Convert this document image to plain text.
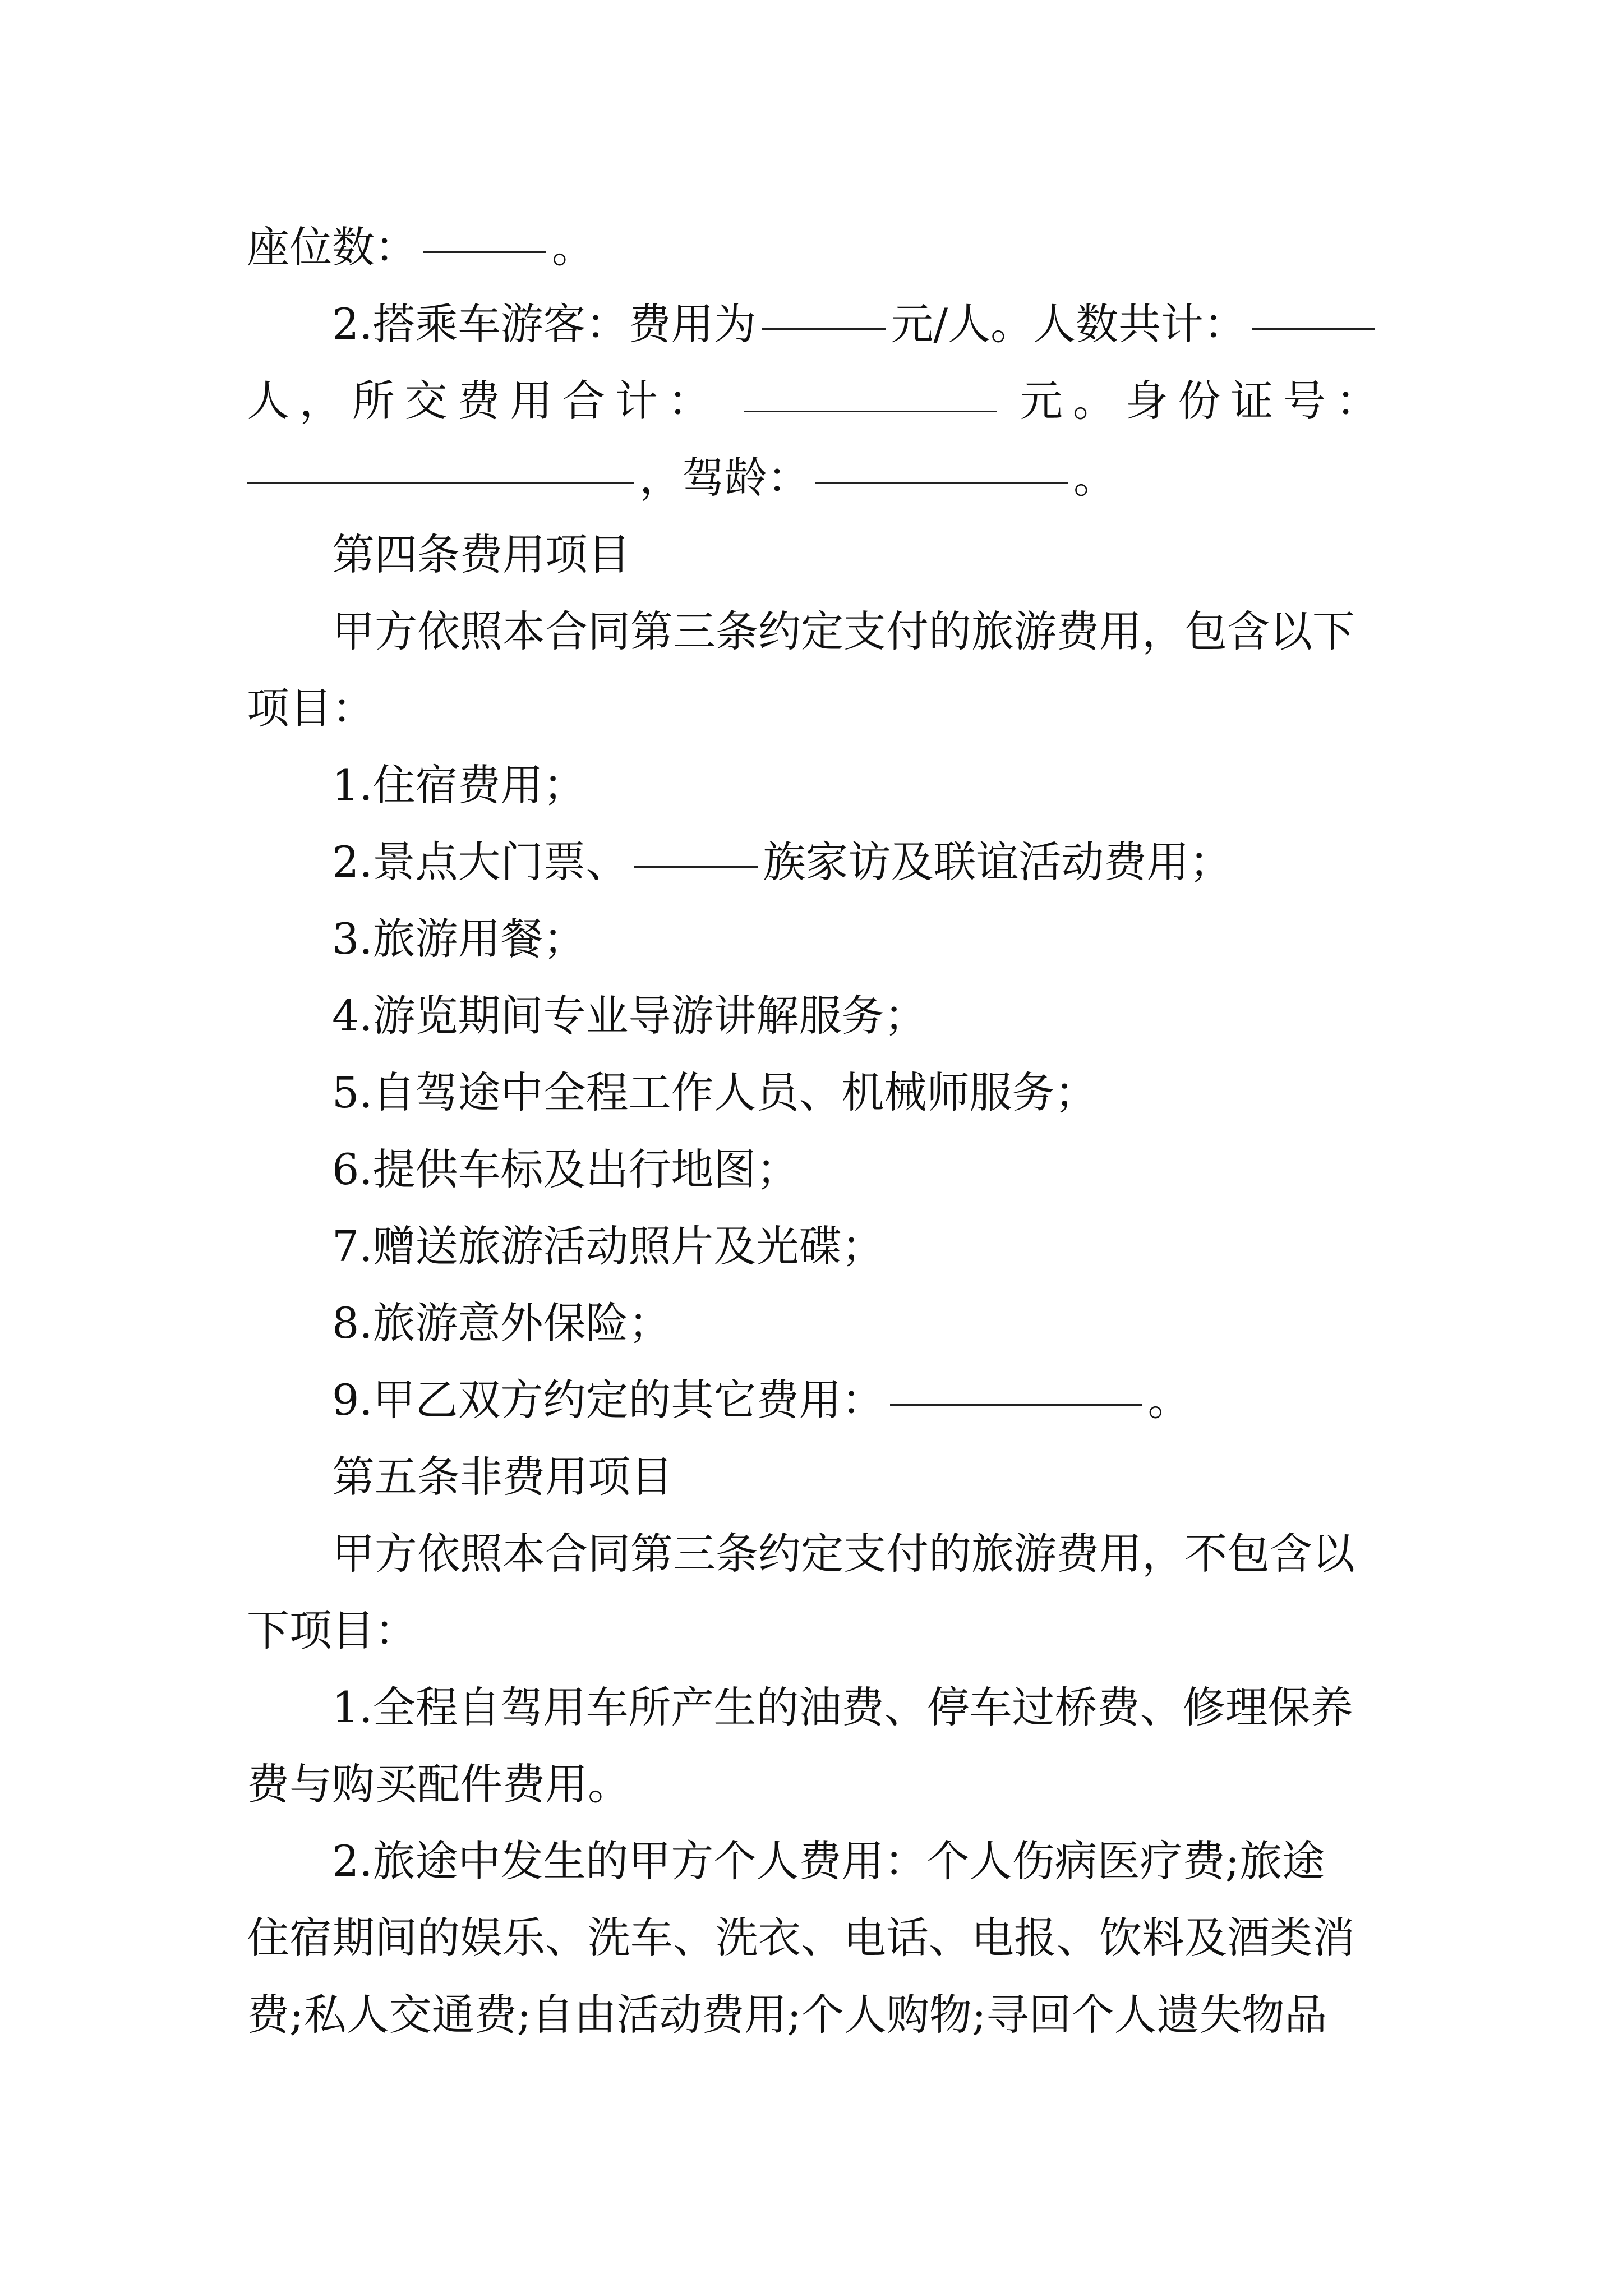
座位数：	。
2.搭乘车游客：费用为	元/人。人数共计：
人，所交费用合计：	元。身份证号：
，驾龄：	。
第四条费用项目
甲方依照本合同第三条约定支付的旅游费用，包含以下
项目：
1.住宿费用；
2.景点大门票、	族家访及联谊活动费用；
3.旅游用餐；
4.游览期间专业导游讲解服务；
5.自驾途中全程工作人员、机械师服务；
6.提供车标及出行地图；
7.赠送旅游活动照片及光碟；
8.旅游意外保险；
9.甲乙双方约定的其它费用：	。
第五条非费用项目
甲方依照本合同第三条约定支付的旅游费用，不包含以
下项目：
1.全程自驾用车所产生的油费、停车过桥费、修理保养
费与购买配件费用。
2.旅途中发生的甲方个人费用：个人伤病医疗费;旅途
住宿期间的娱乐、洗车、洗衣、电话、电报、饮料及酒类消
费;私人交通费;自由活动费用;个人购物;寻回个人遗失物品
